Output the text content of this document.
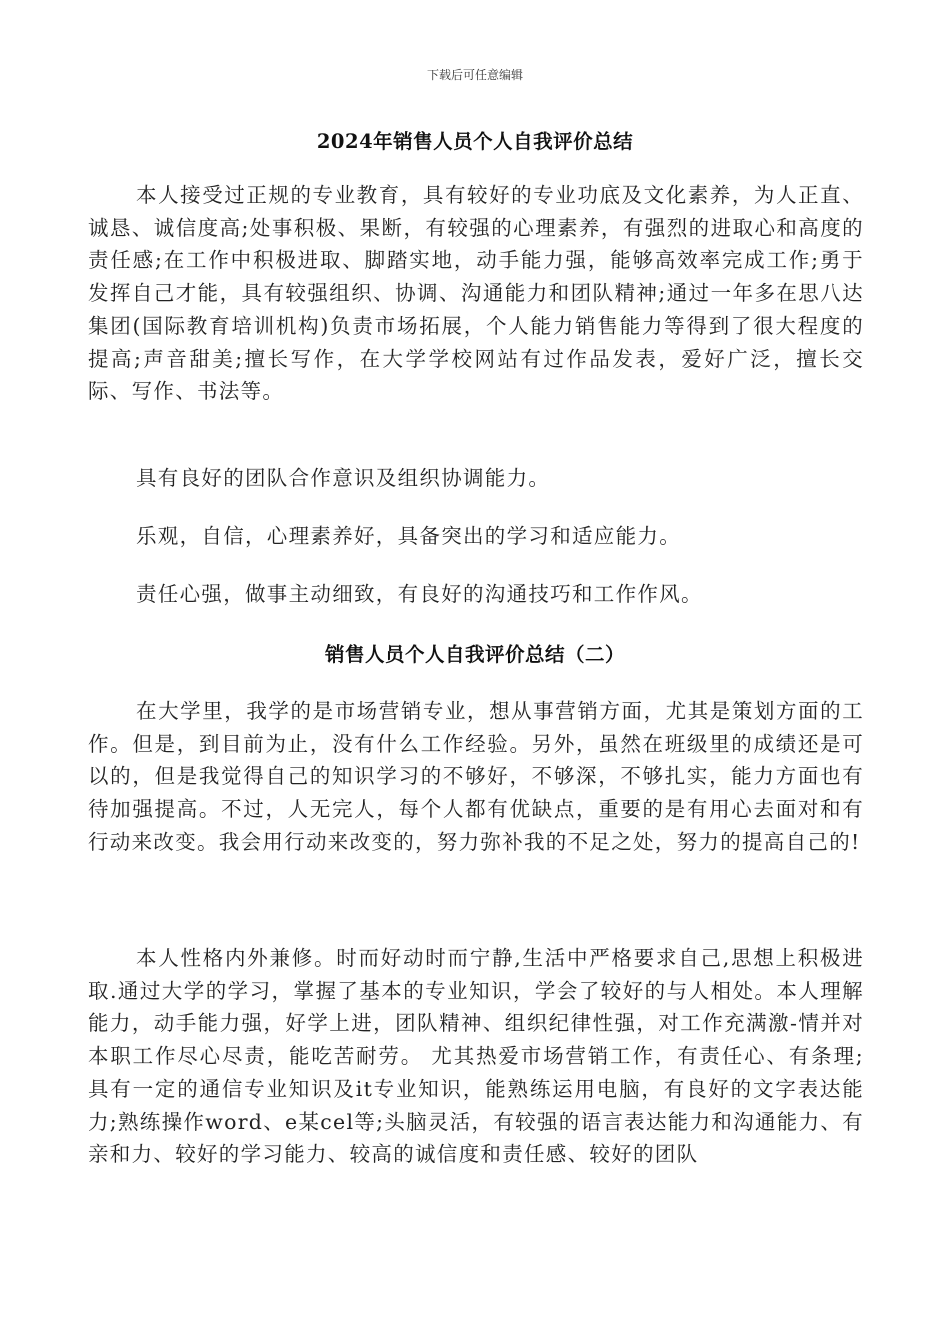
下载后可任意编辑
2024年销售人员个人自我评价总结

本人接受过正规的专业教育，具有较好的专业功底及文化素养，为人正直、诚恳、诚信度高;处事积极、果断，有较强的心理素养，有强烈的进取心和高度的责任感;在工作中积极进取、脚踏实地，动手能力强，能够高效率完成工作;勇于发挥自己才能，具有较强组织、协调、沟通能力和团队精神;通过一年多在思八达集团(国际教育培训机构)负责市场拓展，个人能力销售能力等得到了很大程度的提高;声音甜美;擅长写作，在大学学校网站有过作品发表，爱好广泛，擅长交际、写作、书法等。

具有良好的团队合作意识及组织协调能力。

乐观，自信，心理素养好，具备突出的学习和适应能力。

责任心强，做事主动细致，有良好的沟通技巧和工作作风。

销售人员个人自我评价总结（二）

在大学里，我学的是市场营销专业，想从事营销方面，尤其是策划方面的工作。但是，到目前为止，没有什么工作经验。另外，虽然在班级里的成绩还是可以的，但是我觉得自己的知识学习的不够好，不够深，不够扎实，能力方面也有待加强提高。不过，人无完人，每个人都有优缺点，重要的是有用心去面对和有行动来改变。我会用行动来改变的，努力弥补我的不足之处，努力的提高自己的!

本人性格内外兼修。时而好动时而宁静,生活中严格要求自己,思想上积极进取.通过大学的学习，掌握了基本的专业知识，学会了较好的与人相处。本人理解能力，动手能力强，好学上进，团队精神、组织纪律性强，对工作充满激-情并对本职工作尽心尽责，能吃苦耐劳。 尤其热爱市场营销工作，有责任心、有条理;具有一定的通信专业知识及it专业知识，能熟练运用电脑，有良好的文字表达能力;熟练操作word、e某cel等;头脑灵活，有较强的语言表达能力和沟通能力、有亲和力、较好的学习能力、较高的诚信度和责任感、较好的团队
